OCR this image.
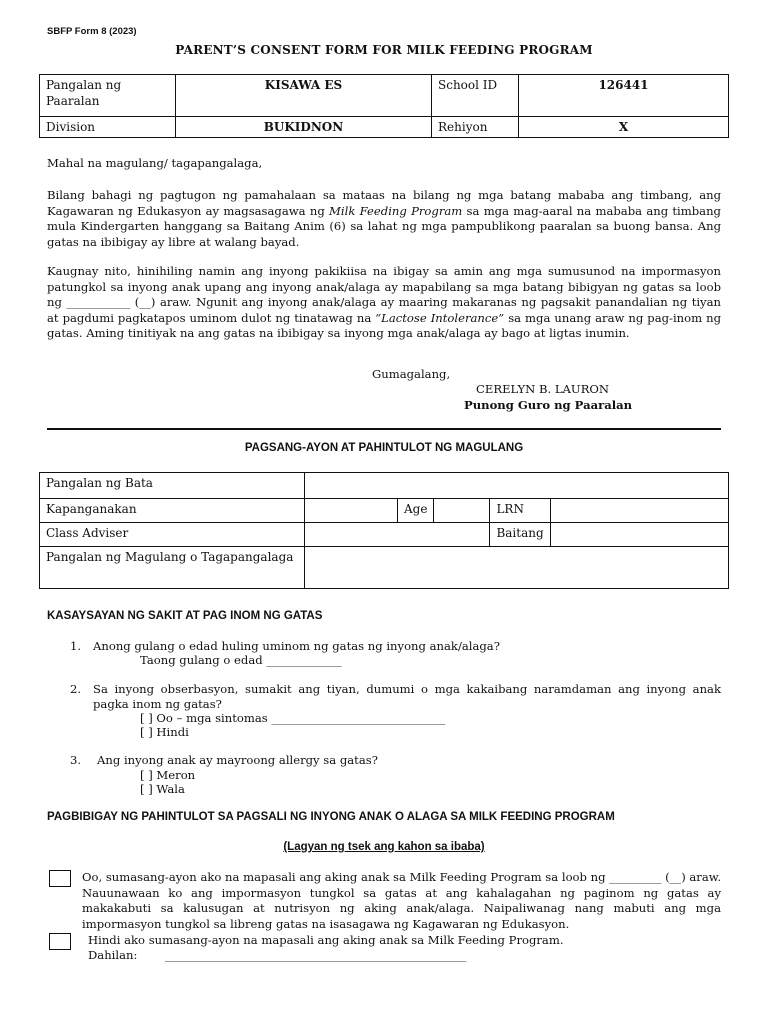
SBFP Form 8 (2023)
PARENT’S CONSENT FORM FOR MILK FEEDING PROGRAM
Pangalan ng Paaralan	KISAWA ES	School ID	126441
Division	BUKIDNON	Rehiyon	X
Mahal na magulang/ tagapangalaga,
Bilang bahagi ng pagtugon ng pamahalaan sa mataas na bilang ng mga batang mababa ang timbang, ang Kagawaran ng Edukasyon ay magsasagawa ng Milk Feeding Program sa mga mag-aaral na mababa ang timbang mula Kindergarten hanggang sa Baitang Anim (6) sa lahat ng mga pampublikong paaralan sa buong bansa. Ang gatas na ibibigay ay libre at walang bayad.
Kaugnay nito, hinihiling namin ang inyong pakikiisa na ibigay sa amin ang mga sumusunod na impormasyon patungkol sa inyong anak upang ang inyong anak/alaga ay mapabilang sa mga batang bibigyan ng gatas sa loob ng ___________ (__) araw. Ngunit ang inyong anak/alaga ay maaring makaranas ng pagsakit panandalian ng tiyan at pagdumi pagkatapos uminom dulot ng tinatawag na “Lactose Intolerance” sa mga unang araw ng pag-inom ng gatas. Aming tinitiyak na ang gatas na ibibigay sa inyong mga anak/alaga ay bago at ligtas inumin.
Gumagalang,
CERELYN B. LAURON
Punong Guro ng Paaralan
PAGSANG-AYON AT PAHINTULOT NG MAGULANG
Pangalan ng Bata					
Kapanganakan		Age		LRN	
Class Adviser				Baitang	
Pangalan ng Magulang o Tagapangalaga					
KASAYSAYAN NG SAKIT AT PAG INOM NG GATAS
1. Anong gulang o edad huling uminom ng gatas ng inyong anak/alaga?
Taong gulang o edad _____________
2. Sa inyong obserbasyon, sumakit ang tiyan, dumumi o mga kakaibang naramdaman ang inyong anak pagka inom ng gatas?
[ ] Oo – mga sintomas ______________________________
[ ] Hindi
3. Ang inyong anak ay mayroong allergy sa gatas?
[ ] Meron
[ ] Wala
PAGBIBIGAY NG PAHINTULOT SA PAGSALI NG INYONG ANAK O ALAGA SA MILK FEEDING PROGRAM
(Lagyan ng tsek ang kahon sa ibaba)
Oo, sumasang-ayon ako na mapasali ang aking anak sa Milk Feeding Program sa loob ng _________ (__) araw. Nauunawaan ko ang impormasyon tungkol sa gatas at ang kahalagahan ng paginom ng gatas ay makakabuti sa kalusugan at nutrisyon ng aking anak/alaga. Naipaliwanag nang mabuti ang mga impormasyon tungkol sa libreng gatas na isasagawa ng Kagawaran ng Edukasyon.
Hindi ako sumasang-ayon na mapasali ang aking anak sa Milk Feeding Program.
Dahilan: ____________________________________________________
